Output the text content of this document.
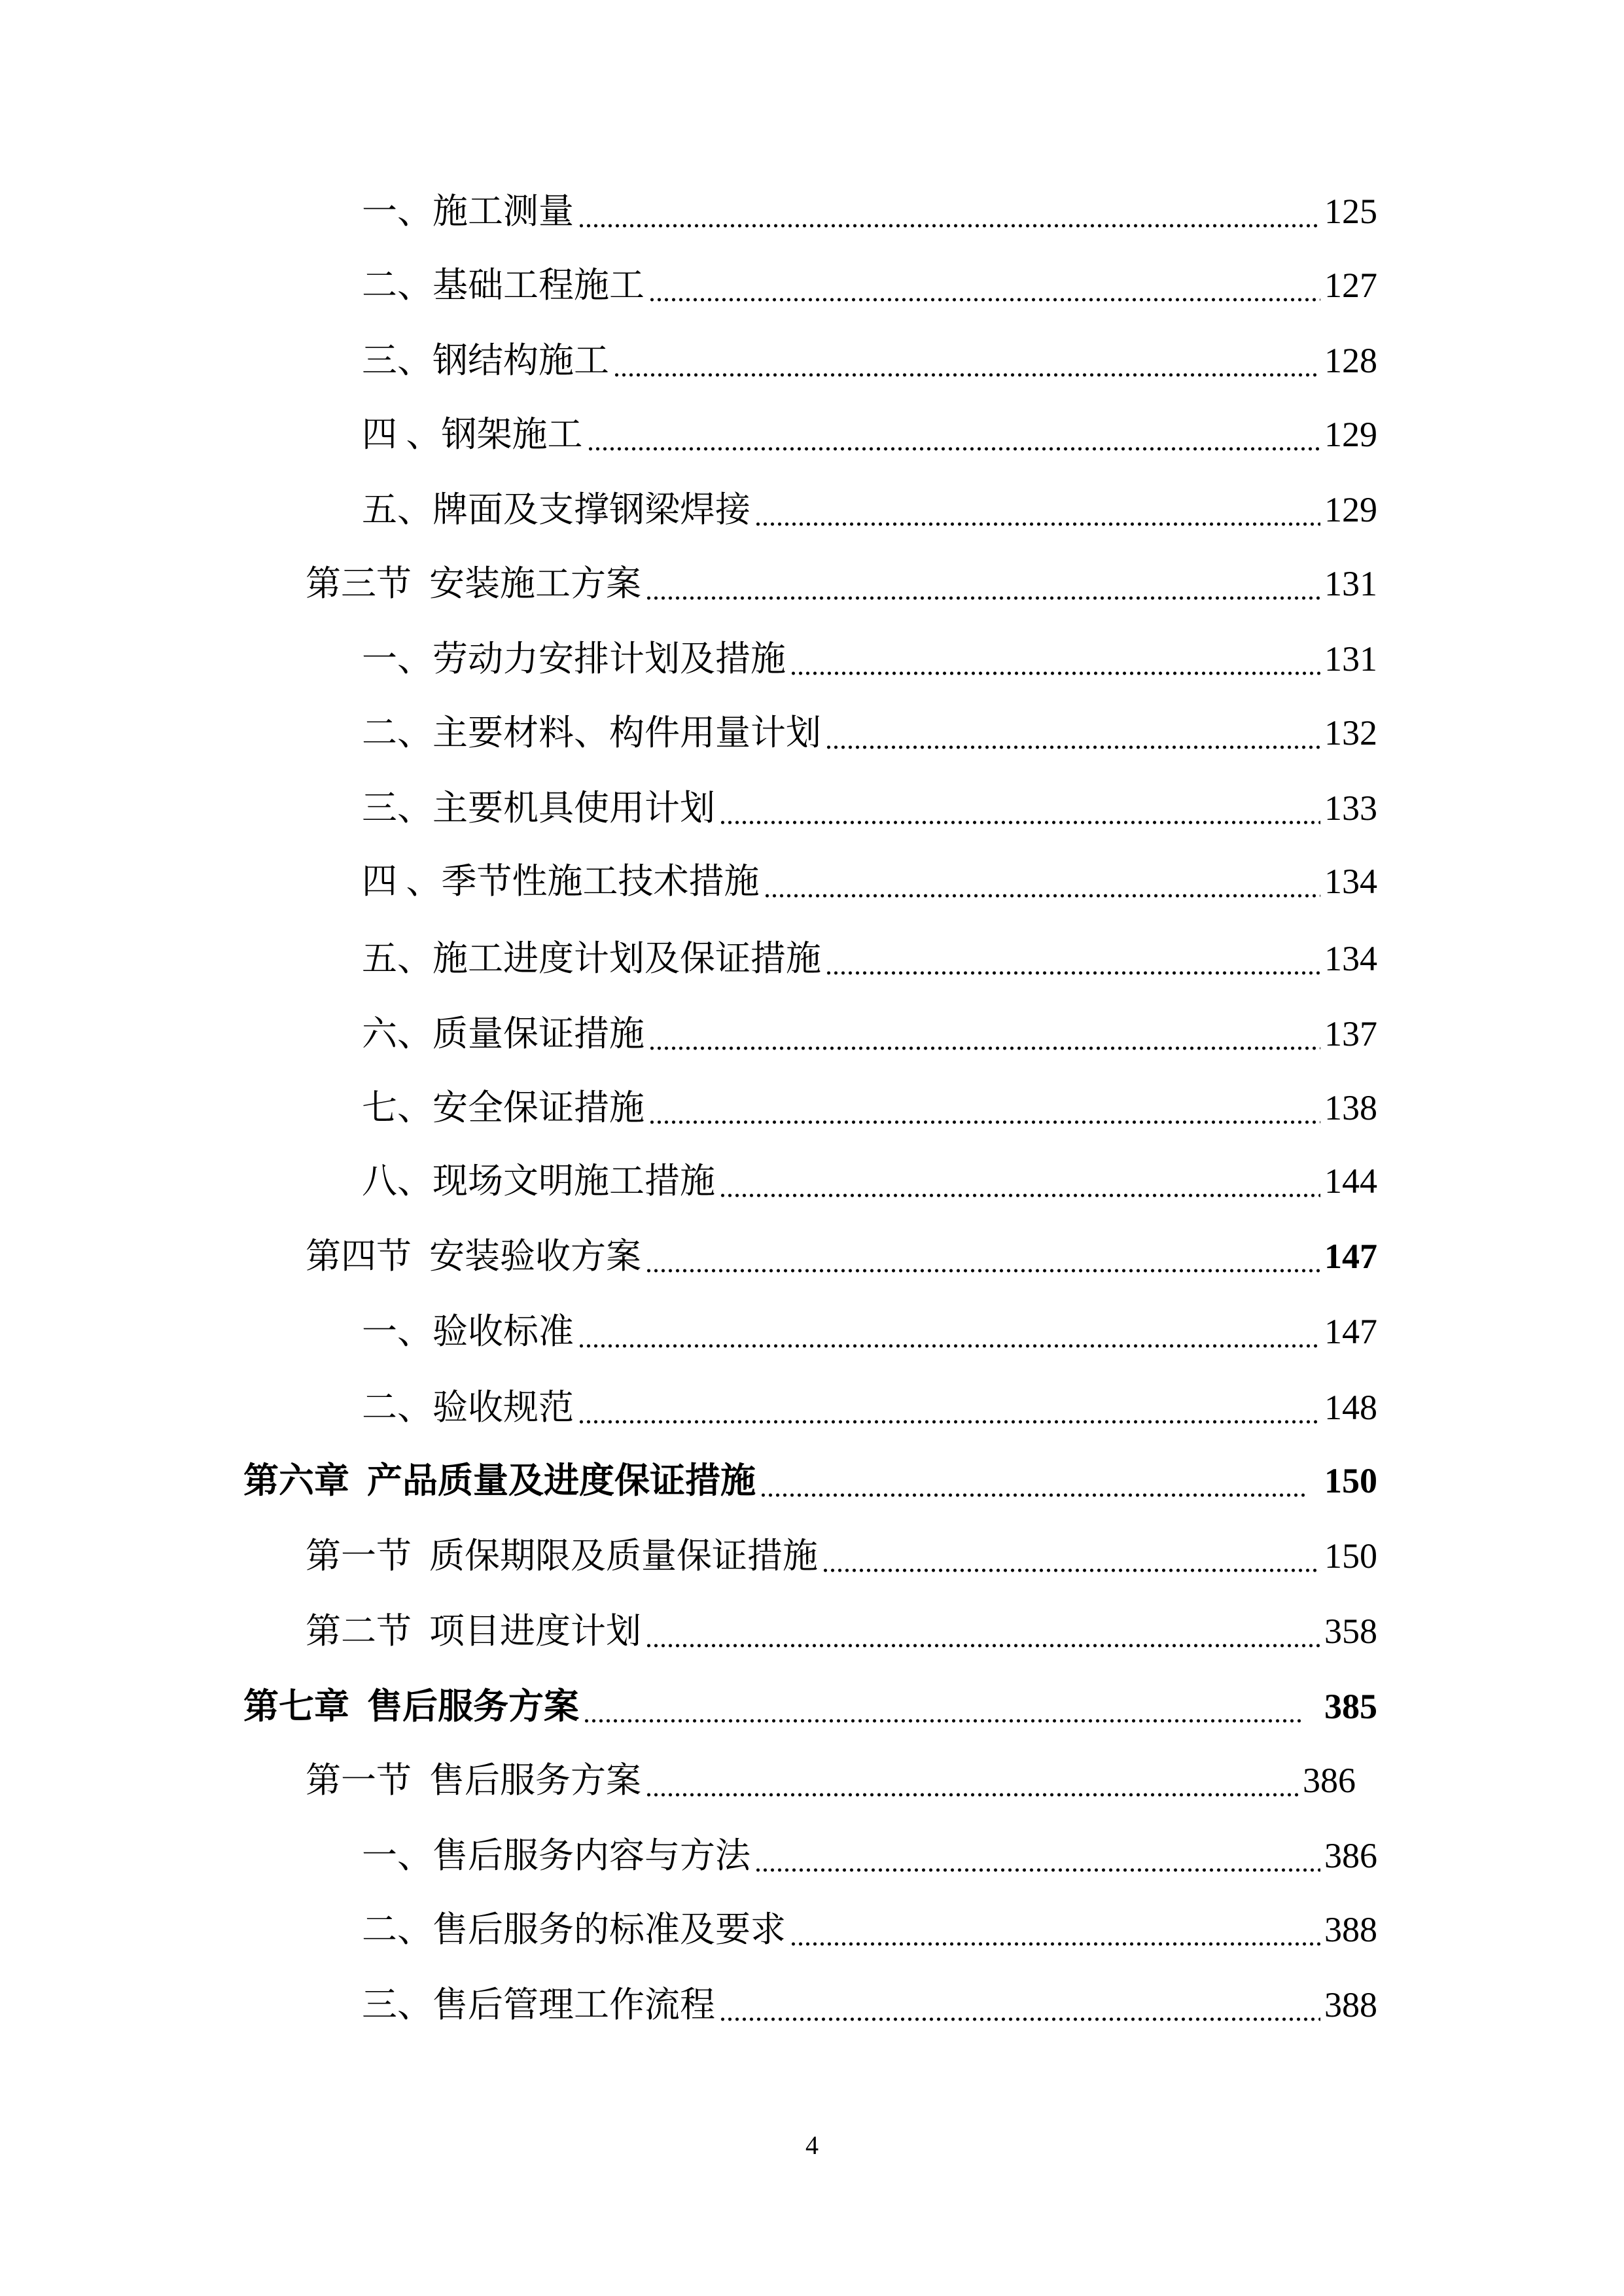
一、施工测量	125
二、基础工程施工	127
三、钢结构施工	128
四 、钢架施工	129
五、牌面及支撑钢梁焊接	129
第三节  安装施工方案	131
一、劳动力安排计划及措施	131
二、主要材料、构件用量计划	132
三、主要机具使用计划	133
四 、季节性施工技术措施	134
五、施工进度计划及保证措施	134
六、质量保证措施	137
七、安全保证措施	138
八、现场文明施工措施	144
第四节  安装验收方案	147
一、验收标准	147
二、验收规范	148
第六章  产品质量及进度保证措施	150
第一节  质保期限及质量保证措施	150
第二节  项目进度计划	358
第七章  售后服务方案	385
第一节  售后服务方案	386
一、售后服务内容与方法	386
二、售后服务的标准及要求	388
三、售后管理工作流程	388
4
